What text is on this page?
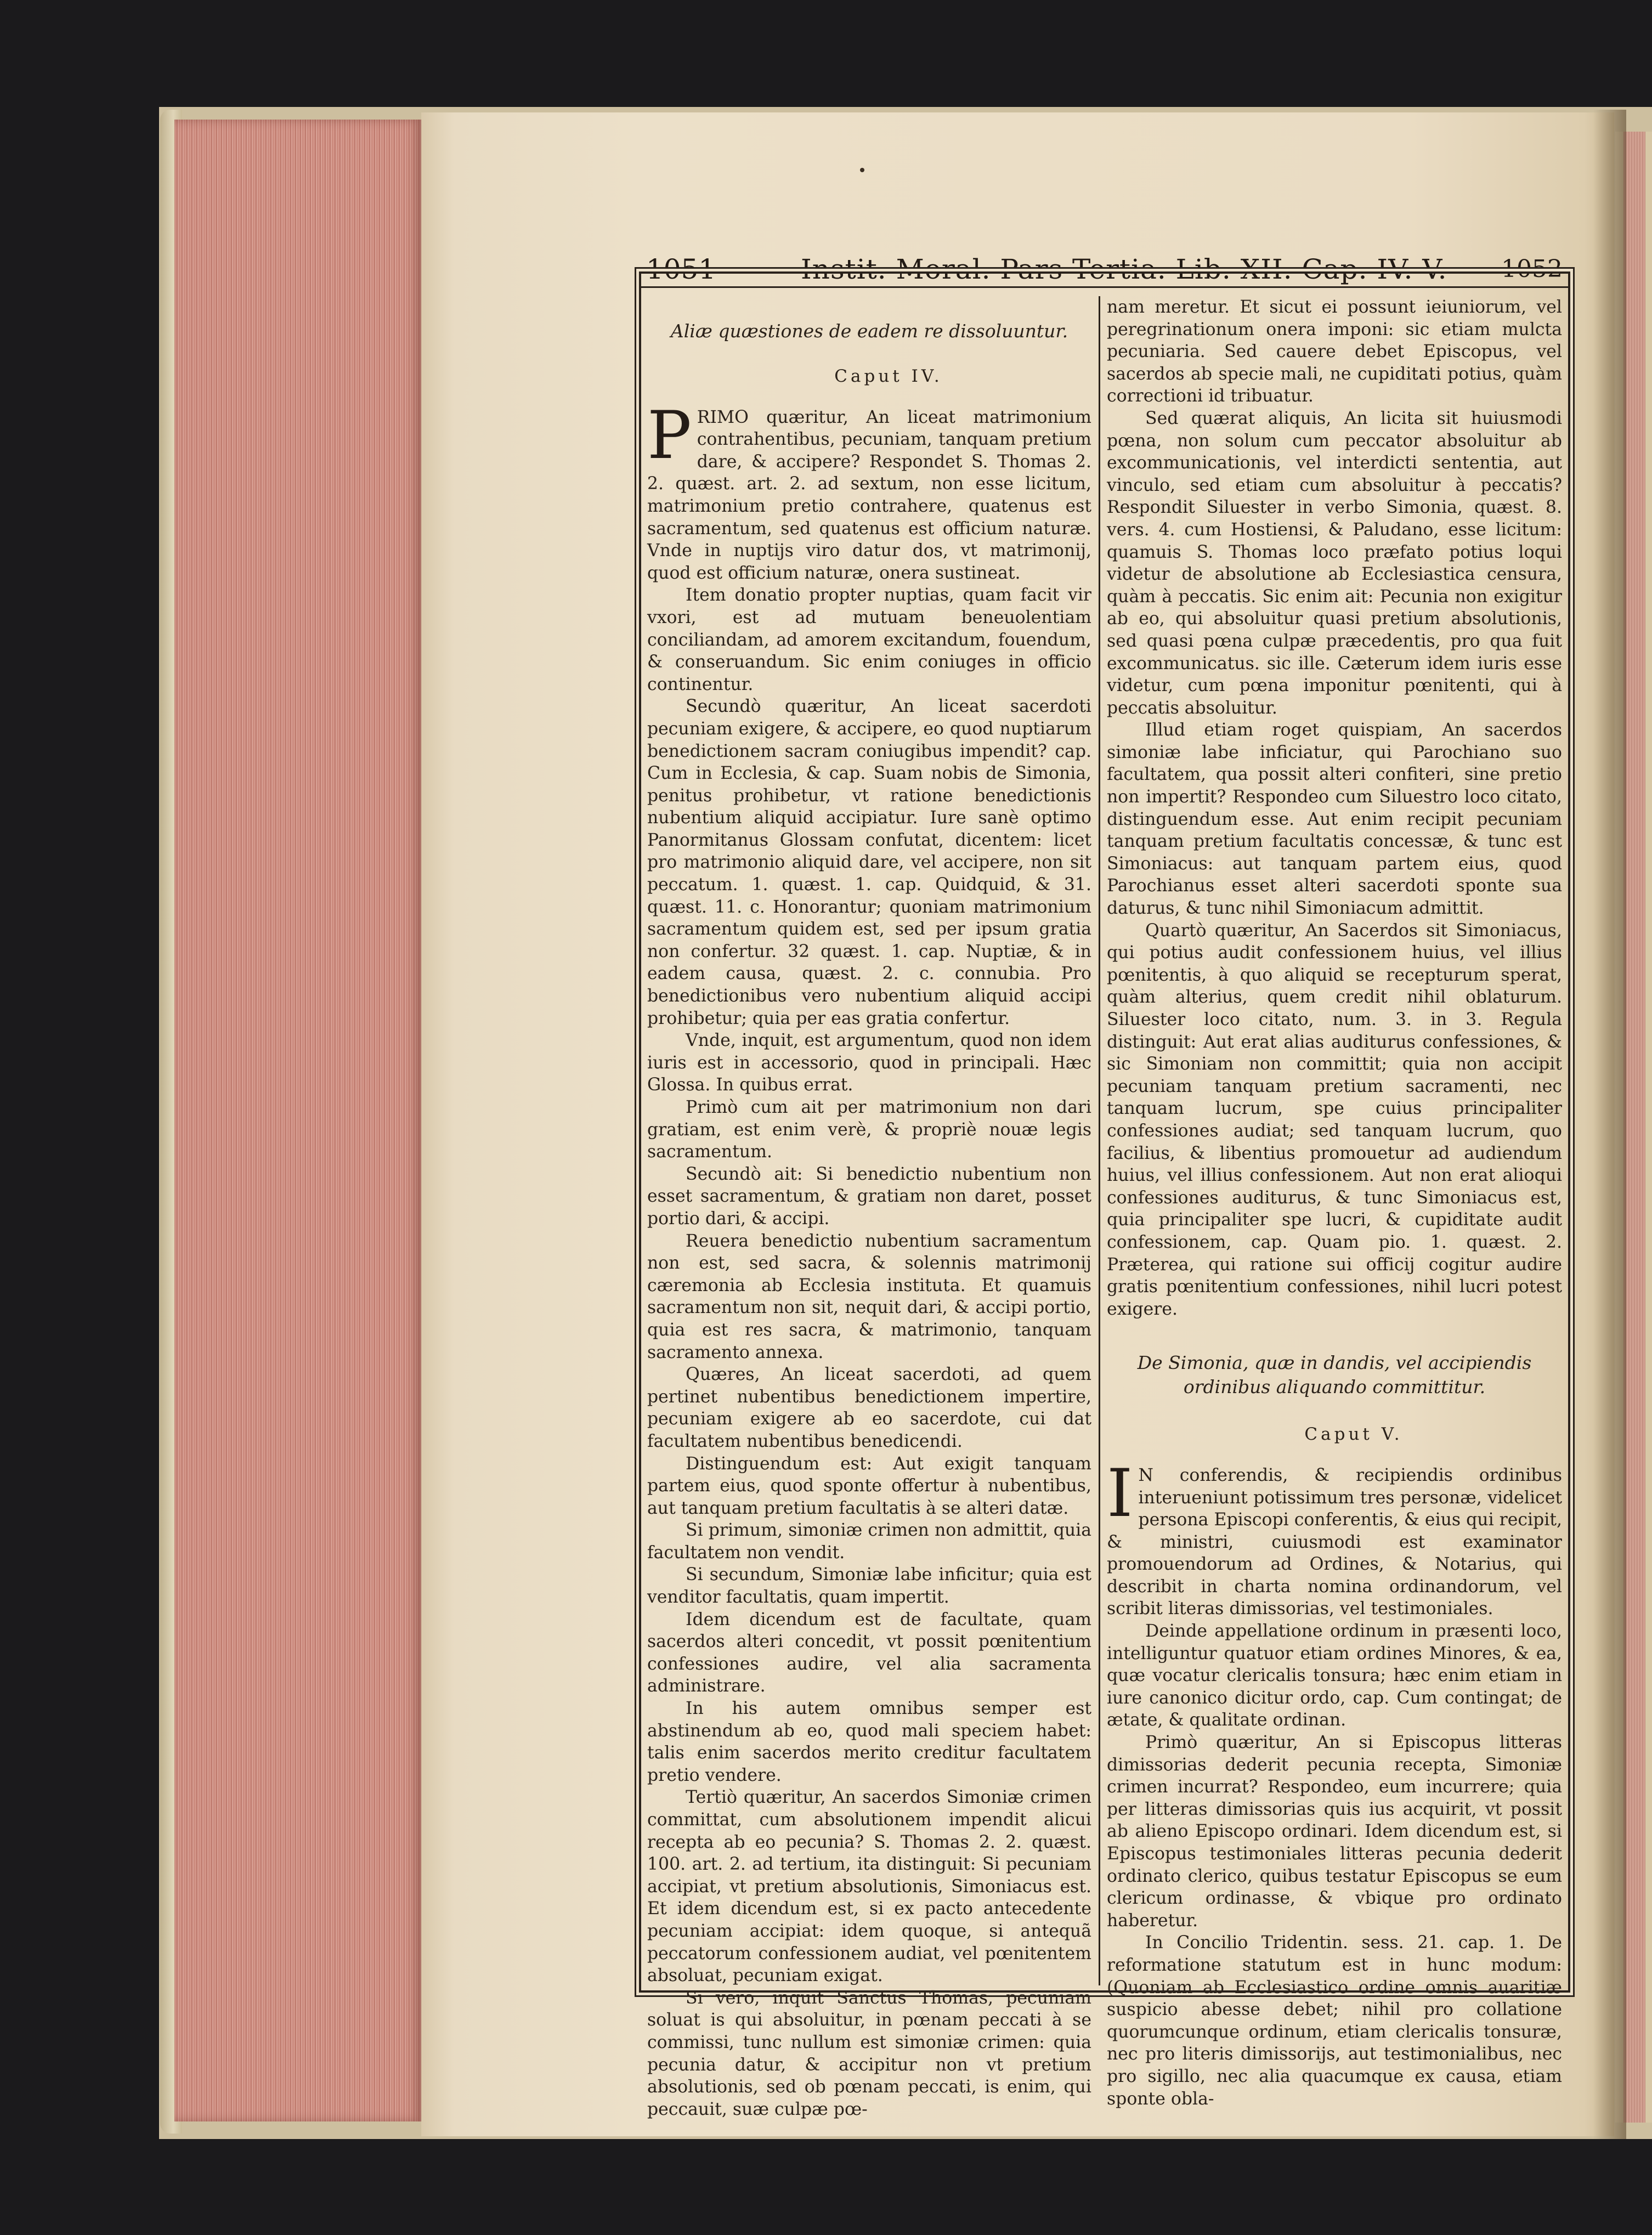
1051	Instit. Moral. Pars Tertia. Lib. XII. Cap. IV. V. 1052

Aliæ quæstiones de eadem re dissoluuntur.

Caput IV.

PRIMO quæritur, An liceat matrimonium contrahentibus, pecuniam, tanquam pretium dare, & accipere? Respondet S. Thomas 2. 2. quæst. art. 2. ad sextum, non esse licitum, matrimonium pretio contrahere, quatenus est sacramentum, sed quatenus est officium naturæ. Vnde in nuptijs viro datur dos, vt matrimonij, quod est officium naturæ, onera sustineat.

Item donatio propter nuptias, quam facit vir vxori, est ad mutuam beneuolentiam conciliandam, ad amorem excitandum, fouendum, & conseruandum. Sic enim coniuges in officio continentur.

Secundò quæritur, An liceat sacerdoti pecuniam exigere, & accipere, eo quod nuptiarum benedictionem sacram coniugibus impendit? cap. Cum in Ecclesia, & cap. Suam nobis de Simonia, penitus prohibetur, vt ratione benedictionis nubentium aliquid accipiatur. Iure sanè optimo Panormitanus Glossam confutat, dicentem: licet pro matrimonio aliquid dare, vel accipere, non sit peccatum. 1. quæst. 1. cap. Quidquid, & 31. quæst. 11. c. Honorantur; quoniam matrimonium sacramentum quidem est, sed per ipsum gratia non confertur. 32 quæst. 1. cap. Nuptiæ, & in eadem causa, quæst. 2. c. connubia. Pro benedictionibus vero nubentium aliquid accipi prohibetur; quia per eas gratia confertur.

Vnde, inquit, est argumentum, quod non idem iuris est in accessorio, quod in principali. Hæc Glossa. In quibus errat.

Primò cum ait per matrimonium non dari gratiam, est enim verè, & propriè nouæ legis sacramentum.

Secundò ait: Si benedictio nubentium non esset sacramentum, & gratiam non daret, posset portio dari, & accipi.

Reuera benedictio nubentium sacramentum non est, sed sacra, & solennis matrimonij cæremonia ab Ecclesia instituta. Et quamuis sacramentum non sit, nequit dari, & accipi portio, quia est res sacra, & matrimonio, tanquam sacramento annexa.

Quæres, An liceat sacerdoti, ad quem pertinet nubentibus benedictionem impertire, pecuniam exigere ab eo sacerdote, cui dat facultatem nubentibus benedicendi.

Distinguendum est: Aut exigit tanquam partem eius, quod sponte offertur à nubentibus, aut tanquam pretium facultatis à se alteri datæ.

Si primum, simoniæ crimen non admittit, quia facultatem non vendit.

Si secundum, Simoniæ labe inficitur; quia est venditor facultatis, quam impertit.

Idem dicendum est de facultate, quam sacerdos alteri concedit, vt possit pœnitentium confessiones audire, vel alia sacramenta administrare.

In his autem omnibus semper est abstinendum ab eo, quod mali speciem habet: talis enim sacerdos merito creditur facultatem pretio vendere.

Tertiò quæritur, An sacerdos Simoniæ crimen committat, cum absolutionem impendit alicui recepta ab eo pecunia? S. Thomas 2. 2. quæst. 100. art. 2. ad tertium, ita distinguit: Si pecuniam accipiat, vt pretium absolutionis, Simoniacus est. Et idem dicendum est, si ex pacto antecedente pecuniam accipiat: idem quoque, si antequã peccatorum confessionem audiat, vel pœnitentem absoluat, pecuniam exigat.

Si vero, inquit Sanctus Thomas, pecuniam soluat is qui absoluitur, in pœnam peccati à se commissi, tunc nullum est simoniæ crimen: quia pecunia datur, & accipitur non vt pretium absolutionis, sed ob pœnam peccati, is enim, qui peccauit, suæ culpæ pœ-

nam meretur. Et sicut ei possunt ieiuniorum, vel peregrinationum onera imponi: sic etiam mulcta pecuniaria. Sed cauere debet Episcopus, vel sacerdos ab specie mali, ne cupiditati potius, quàm correctioni id tribuatur.

Sed quærat aliquis, An licita sit huiusmodi pœna, non solum cum peccator absoluitur ab excommunicationis, vel interdicti sententia, aut vinculo, sed etiam cum absoluitur à peccatis? Respondit Siluester in verbo Simonia, quæst. 8. vers. 4. cum Hostiensi, & Paludano, esse licitum: quamuis S. Thomas loco præfato potius loqui videtur de absolutione ab Ecclesiastica censura, quàm à peccatis. Sic enim ait: Pecunia non exigitur ab eo, qui absoluitur quasi pretium absolutionis, sed quasi pœna culpæ præcedentis, pro qua fuit excommunicatus. sic ille. Cæterum idem iuris esse videtur, cum pœna imponitur pœnitenti, qui à peccatis absoluitur.

Illud etiam roget quispiam, An sacerdos simoniæ labe inficiatur, qui Parochiano suo facultatem, qua possit alteri confiteri, sine pretio non impertit? Respondeo cum Siluestro loco citato, distinguendum esse. Aut enim recipit pecuniam tanquam pretium facultatis concessæ, & tunc est Simoniacus: aut tanquam partem eius, quod Parochianus esset alteri sacerdoti sponte sua daturus, & tunc nihil Simoniacum admittit.

Quartò quæritur, An Sacerdos sit Simoniacus, qui potius audit confessionem huius, vel illius pœnitentis, à quo aliquid se recepturum sperat, quàm alterius, quem credit nihil oblaturum. Siluester loco citato, num. 3. in 3. Regula distinguit: Aut erat alias auditurus confessiones, & sic Simoniam non committit; quia non accipit pecuniam tanquam pretium sacramenti, nec tanquam lucrum, spe cuius principaliter confessiones audiat; sed tanquam lucrum, quo facilius, & libentius promouetur ad audiendum huius, vel illius confessionem. Aut non erat alioqui confessiones auditurus, & tunc Simoniacus est, quia principaliter spe lucri, & cupiditate audit confessionem, cap. Quam pio. 1. quæst. 2. Præterea, qui ratione sui officij cogitur audire gratis pœnitentium confessiones, nihil lucri potest exigere.

De Simonia, quæ in dandis, vel accipiendis ordinibus aliquando committitur.

Caput V.

I N conferendis, & recipiendis ordinibus interueniunt potissimum tres personæ, videlicet persona Episcopi conferentis, & eius qui recipit, & ministri, cuiusmodi est examinator promouendorum ad Ordines, & Notarius, qui describit in charta nomina ordinandorum, vel scribit literas dimissorias, vel testimoniales.

Deinde appellatione ordinum in præsenti loco, intelliguntur quatuor etiam ordines Minores, & ea, quæ vocatur clericalis tonsura; hæc enim etiam in iure canonico dicitur ordo, cap. Cum contingat; de ætate, & qualitate ordinan.

Primò quæritur, An si Episcopus litteras dimissorias dederit pecunia recepta, Simoniæ crimen incurrat? Respondeo, eum incurrere; quia per litteras dimissorias quis ius acquirit, vt possit ab alieno Episcopo ordinari. Idem dicendum est, si Episcopus testimoniales litteras pecunia dederit ordinato clerico, quibus testatur Episcopus se eum clericum ordinasse, & vbique pro ordinato haberetur.

In Concilio Tridentin. sess. 21. cap. 1. De reformatione statutum est in hunc modum: (Quoniam ab Ecclesiastico ordine omnis auaritiæ suspicio abesse debet; nihil pro collatione quorumcunque ordinum, etiam clericalis tonsuræ, nec pro literis dimissorijs, aut testimonialibus, nec pro sigillo, nec alia quacumque ex causa, etiam sponte obla-
